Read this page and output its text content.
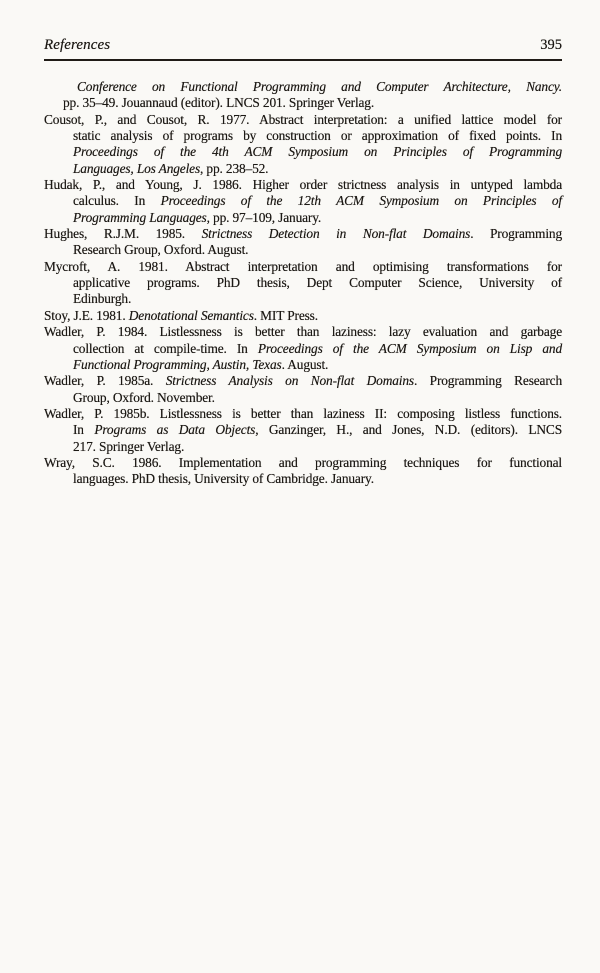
References	395
Conference on Functional Programming and Computer Architecture, Nancy.
pp. 35–49. Jouannaud (editor). LNCS 201. Springer Verlag.
Cousot, P., and Cousot, R. 1977. Abstract interpretation: a unified lattice model for
static analysis of programs by construction or approximation of fixed points. In
Proceedings of the 4th ACM Symposium on Principles of Programming
Languages, Los Angeles, pp. 238–52.
Hudak, P., and Young, J. 1986. Higher order strictness analysis in untyped lambda
calculus. In Proceedings of the 12th ACM Symposium on Principles of
Programming Languages, pp. 97–109, January.
Hughes, R.J.M. 1985. Strictness Detection in Non-flat Domains. Programming
Research Group, Oxford. August.
Mycroft, A. 1981. Abstract interpretation and optimising transformations for
applicative programs. PhD thesis, Dept Computer Science, University of
Edinburgh.
Stoy, J.E. 1981. Denotational Semantics. MIT Press.
Wadler, P. 1984. Listlessness is better than laziness: lazy evaluation and garbage
collection at compile-time. In Proceedings of the ACM Symposium on Lisp and
Functional Programming, Austin, Texas. August.
Wadler, P. 1985a. Strictness Analysis on Non-flat Domains. Programming Research
Group, Oxford. November.
Wadler, P. 1985b. Listlessness is better than laziness II: composing listless functions.
In Programs as Data Objects, Ganzinger, H., and Jones, N.D. (editors). LNCS
217. Springer Verlag.
Wray, S.C. 1986. Implementation and programming techniques for functional
languages. PhD thesis, University of Cambridge. January.
